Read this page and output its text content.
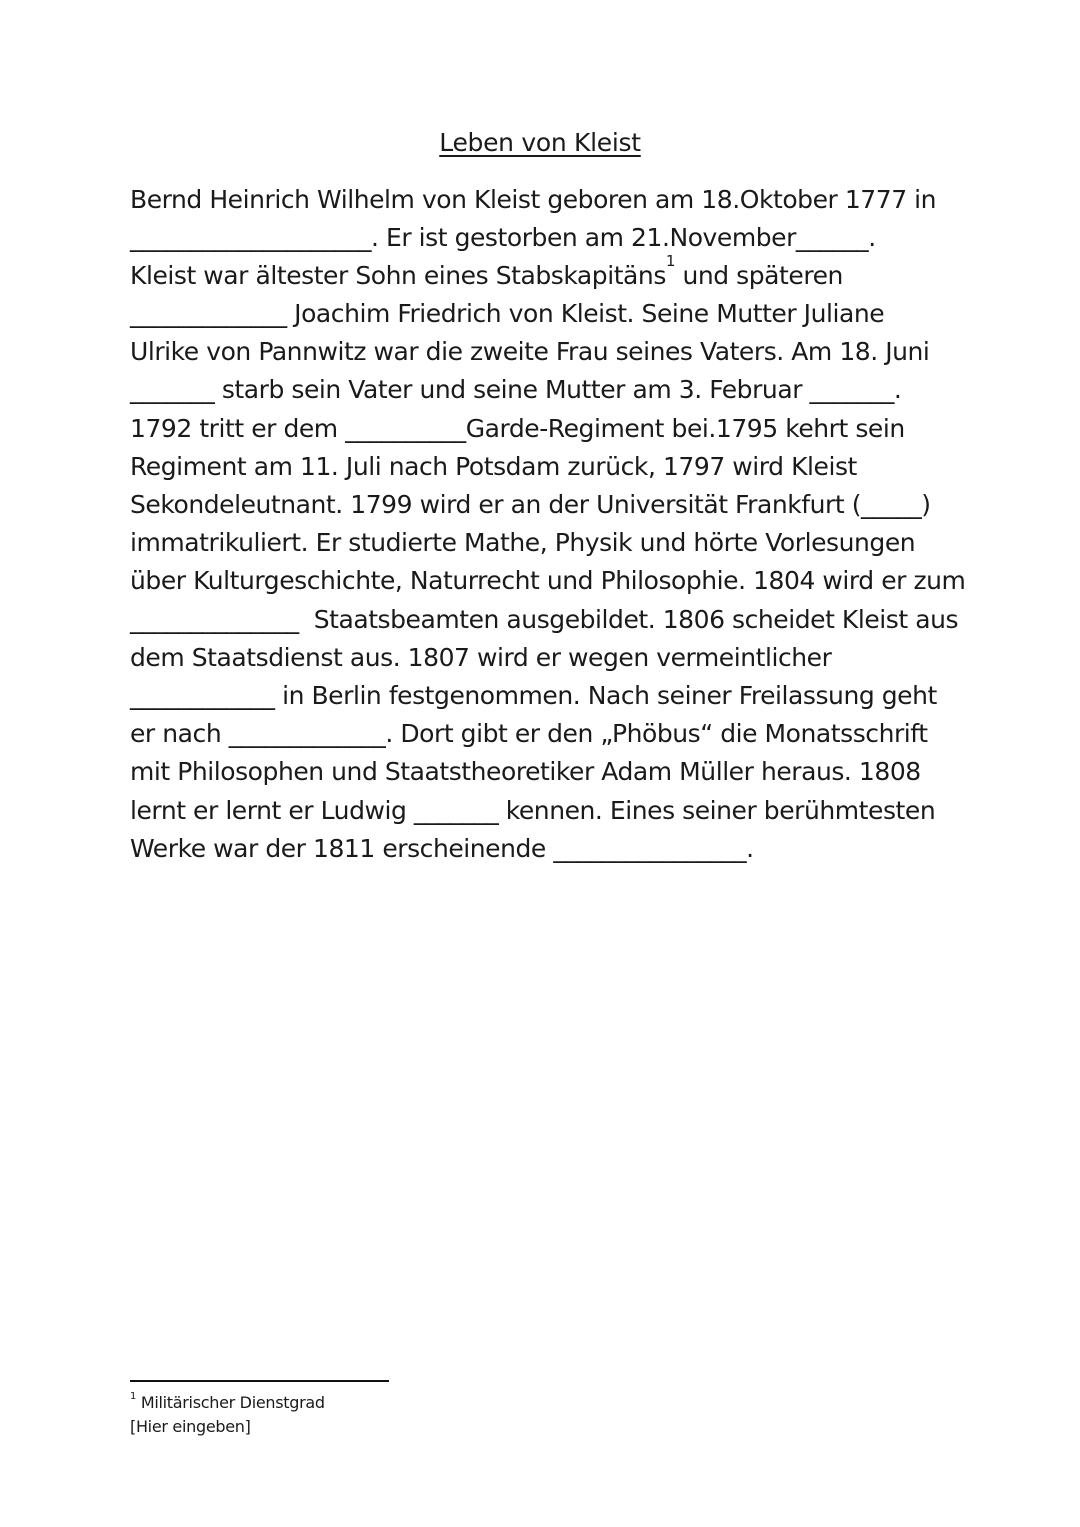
Leben von Kleist
Bernd Heinrich Wilhelm von Kleist geboren am 18.Oktober 1777 in
____________________. Er ist gestorben am 21.November______.
Kleist war ältester Sohn eines Stabskapitäns$^1$ und späteren
_____________ Joachim Friedrich von Kleist. Seine Mutter Juliane
Ulrike von Pannwitz war die zweite Frau seines Vaters. Am 18. Juni
_______ starb sein Vater und seine Mutter am 3. Februar _______.
1792 tritt er dem __________Garde-Regiment bei.1795 kehrt sein
Regiment am 11. Juli nach Potsdam zurück, 1797 wird Kleist
Sekondeleutnant. 1799 wird er an der Universität Frankfurt (_____)
immatrikuliert. Er studierte Mathe, Physik und hörte Vorlesungen
über Kulturgeschichte, Naturrecht und Philosophie. 1804 wird er zum
______________  Staatsbeamten ausgebildet. 1806 scheidet Kleist aus
dem Staatsdienst aus. 1807 wird er wegen vermeintlicher
____________ in Berlin festgenommen. Nach seiner Freilassung geht
er nach _____________. Dort gibt er den „Phöbus“ die Monatsschrift
mit Philosophen und Staatstheoretiker Adam Müller heraus. 1808
lernt er lernt er Ludwig _______ kennen. Eines seiner berühmtesten
Werke war der 1811 erscheinende ________________.
$^1$ Militärischer Dienstgrad
[Hier eingeben]
